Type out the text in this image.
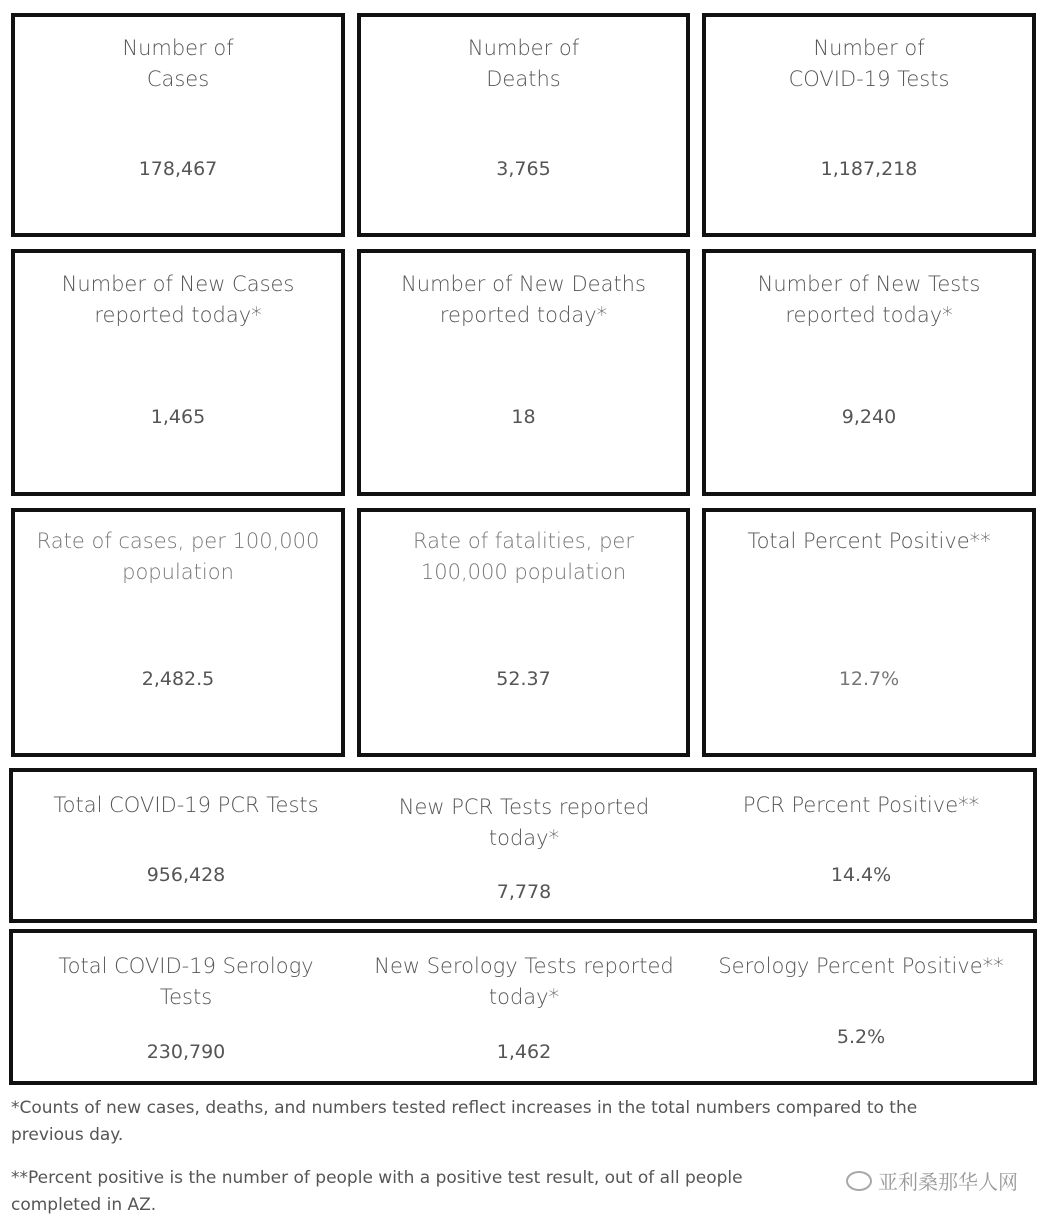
Number of
Cases
178,467
Number of
Deaths
3,765
Number of
COVID-19 Tests
1,187,218
Number of New Cases
reported today*
1,465
Number of New Deaths
reported today*
18
Number of New Tests
reported today*
9,240
Rate of cases, per 100,000
population
2,482.5
Rate of fatalities, per
100,000 population
52.37
Total Percent Positive**
12.7%
Total COVID-19 PCR Tests
956,428
New PCR Tests reported
today*
7,778
PCR Percent Positive**
14.4%
Total COVID-19 Serology
Tests
230,790
New Serology Tests reported
today*
1,462
Serology Percent Positive**
5.2%
*Counts of new cases, deaths, and numbers tested reflect increases in the total numbers compared to the
previous day.
**Percent positive is the number of people with a positive test result, out of all people
completed in AZ.
亚利桑那华人网
